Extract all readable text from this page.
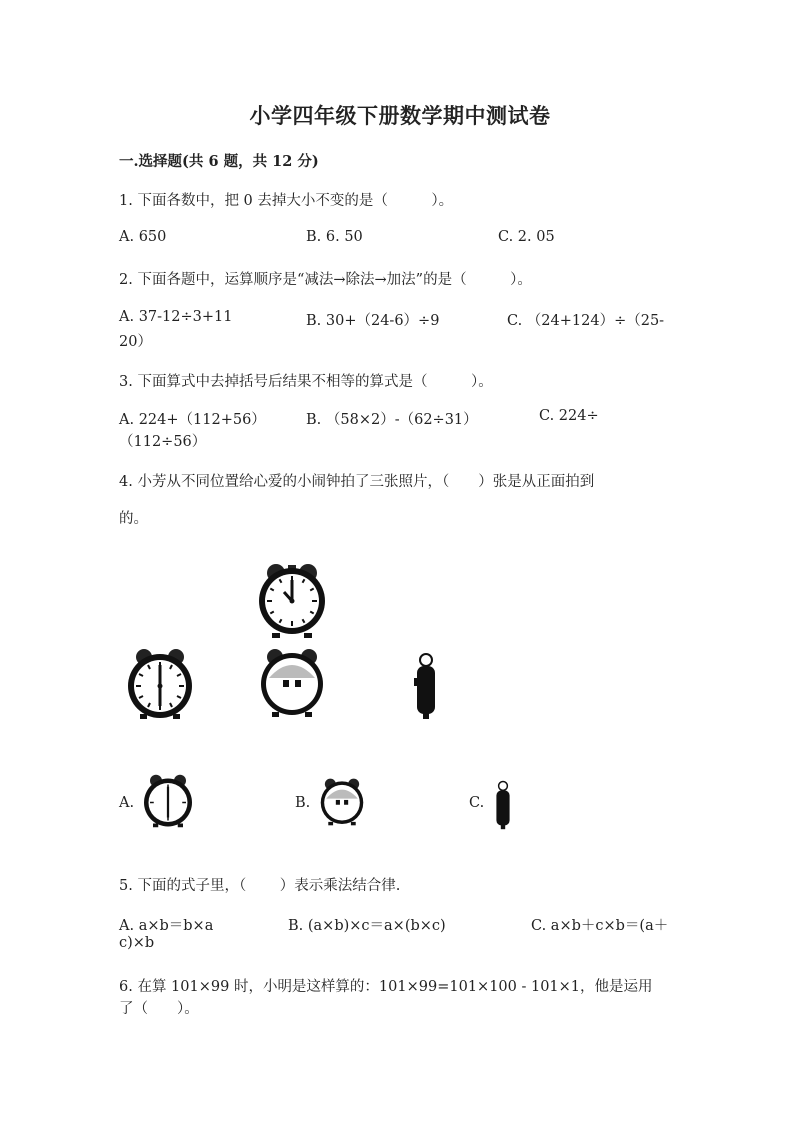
小学四年级下册数学期中测试卷
一.选择题(共 6 题，共 12 分)
1. 下面各数中，把 0 去掉大小不变的是（　　　）。
A. 650	B. 6. 50	C. 2. 05
2. 下面各题中，运算顺序是“减法→除法→加法”的是（　　　）。
A. 37-12÷3+11	B. 30+（24-6）÷9	C. （24+124）÷（25-
20）
3. 下面算式中去掉括号后结果不相等的算式是（　　　）。
A. 224+（112+56）	B. （58×2）-（62÷31）	C. 224÷
（112÷56）
4. 小芳从不同位置给心爱的小闹钟拍了三张照片，（　　）张是从正面拍到
的。
A.	B.	C.
5. 下面的式子里，（　　 ）表示乘法结合律.
A. a×b＝b×a	B. (a×b)×c＝a×(b×c)	C. a×b＋c×b＝(a＋
c)×b
6. 在算 101×99 时，小明是这样算的：101×99=101×100 - 101×1，他是运用
了（　　）。
